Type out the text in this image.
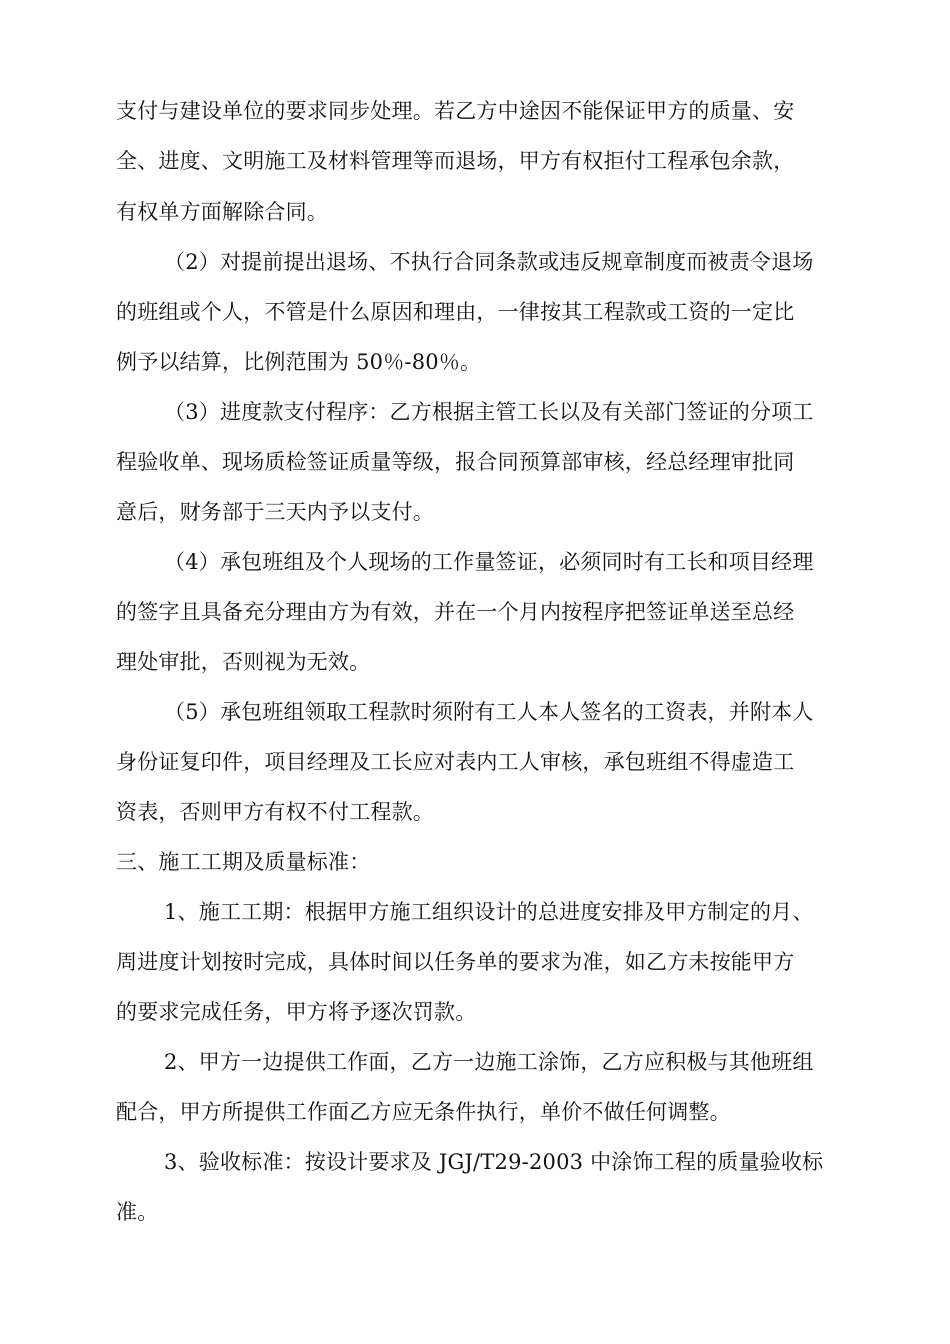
支付与建设单位的要求同步处理。若乙方中途因不能保证甲方的质量、安
全、进度、文明施工及材料管理等而退场，甲方有权拒付工程承包余款，
有权单方面解除合同。
（2）对提前提出退场、不执行合同条款或违反规章制度而被责令退场
的班组或个人，不管是什么原因和理由，一律按其工程款或工资的一定比
例予以结算，比例范围为 50％-80％。
（3）进度款支付程序：乙方根据主管工长以及有关部门签证的分项工
程验收单、现场质检签证质量等级，报合同预算部审核，经总经理审批同
意后，财务部于三天内予以支付。
（4）承包班组及个人现场的工作量签证，必须同时有工长和项目经理
的签字且具备充分理由方为有效，并在一个月内按程序把签证单送至总经
理处审批，否则视为无效。
（5）承包班组领取工程款时须附有工人本人签名的工资表，并附本人
身份证复印件，项目经理及工长应对表内工人审核，承包班组不得虚造工
资表，否则甲方有权不付工程款。
三、施工工期及质量标准：
1、施工工期：根据甲方施工组织设计的总进度安排及甲方制定的月、
周进度计划按时完成，具体时间以任务单的要求为准，如乙方未按能甲方
的要求完成任务，甲方将予逐次罚款。
2、甲方一边提供工作面，乙方一边施工涂饰，乙方应积极与其他班组
配合，甲方所提供工作面乙方应无条件执行，单价不做任何调整。
3、验收标准：按设计要求及 JGJ/T29-2003 中涂饰工程的质量验收标
准。
